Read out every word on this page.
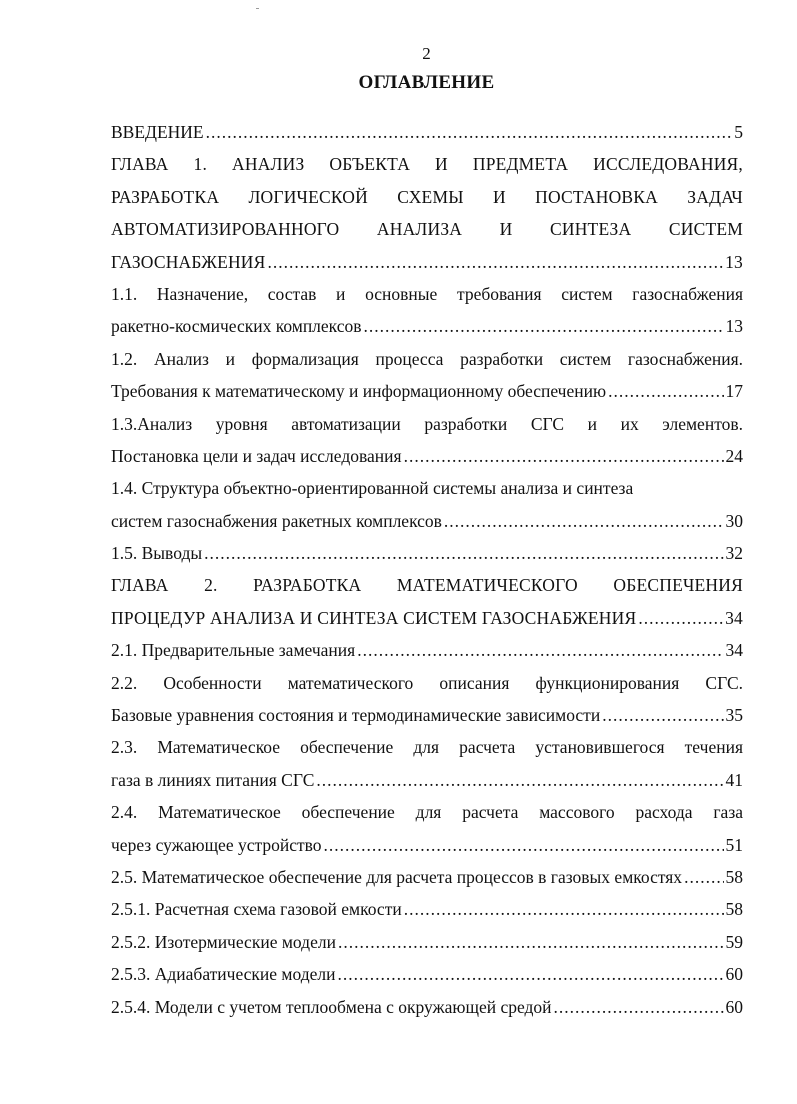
2
ОГЛАВЛЕНИЕ
ВВЕДЕНИЕ .....	5
ГЛАВА 1. АНАЛИЗ ОБЪЕКТА И ПРЕДМЕТА ИССЛЕДОВАНИЯ,
РАЗРАБОТКА ЛОГИЧЕСКОЙ СХЕМЫ И ПОСТАНОВКА ЗАДАЧ
АВТОМАТИЗИРОВАННОГО АНАЛИЗА И СИНТЕЗА СИСТЕМ
ГАЗОСНАБЖЕНИЯ .....	13
1.1. Назначение, состав и основные требования систем газоснабжения
ракетно-космических комплексов .....	13
1.2. Анализ и формализация процесса разработки систем газоснабжения.
Требования к математическому и информационному обеспечению .....	17
1.3.Анализ уровня автоматизации разработки СГС и их элементов.
Постановка цели и задач исследования .....	24
1.4. Структура объектно-ориентированной системы анализа и синтеза
систем газоснабжения ракетных комплексов .....	30
1.5. Выводы .....	32
ГЛАВА 2. РАЗРАБОТКА МАТЕМАТИЧЕСКОГО ОБЕСПЕЧЕНИЯ
ПРОЦЕДУР АНАЛИЗА И СИНТЕЗА СИСТЕМ ГАЗОСНАБЖЕНИЯ .....	34
2.1. Предварительные замечания .....	34
2.2. Особенности математического описания функционирования СГС.
Базовые уравнения состояния и термодинамические зависимости .....	35
2.3. Математическое обеспечение для расчета установившегося течения
газа в линиях питания СГС .....	41
2.4. Математическое обеспечение для расчета массового расхода газа
через сужающее устройство .....	51
2.5. Математическое обеспечение для расчета процессов в газовых емкостях ..... 58
2.5.1. Расчетная схема газовой емкости .....	58
2.5.2. Изотермические модели .....	59
2.5.3. Адиабатические модели .....	60
2.5.4. Модели с учетом теплообмена с окружающей средой .....	60
